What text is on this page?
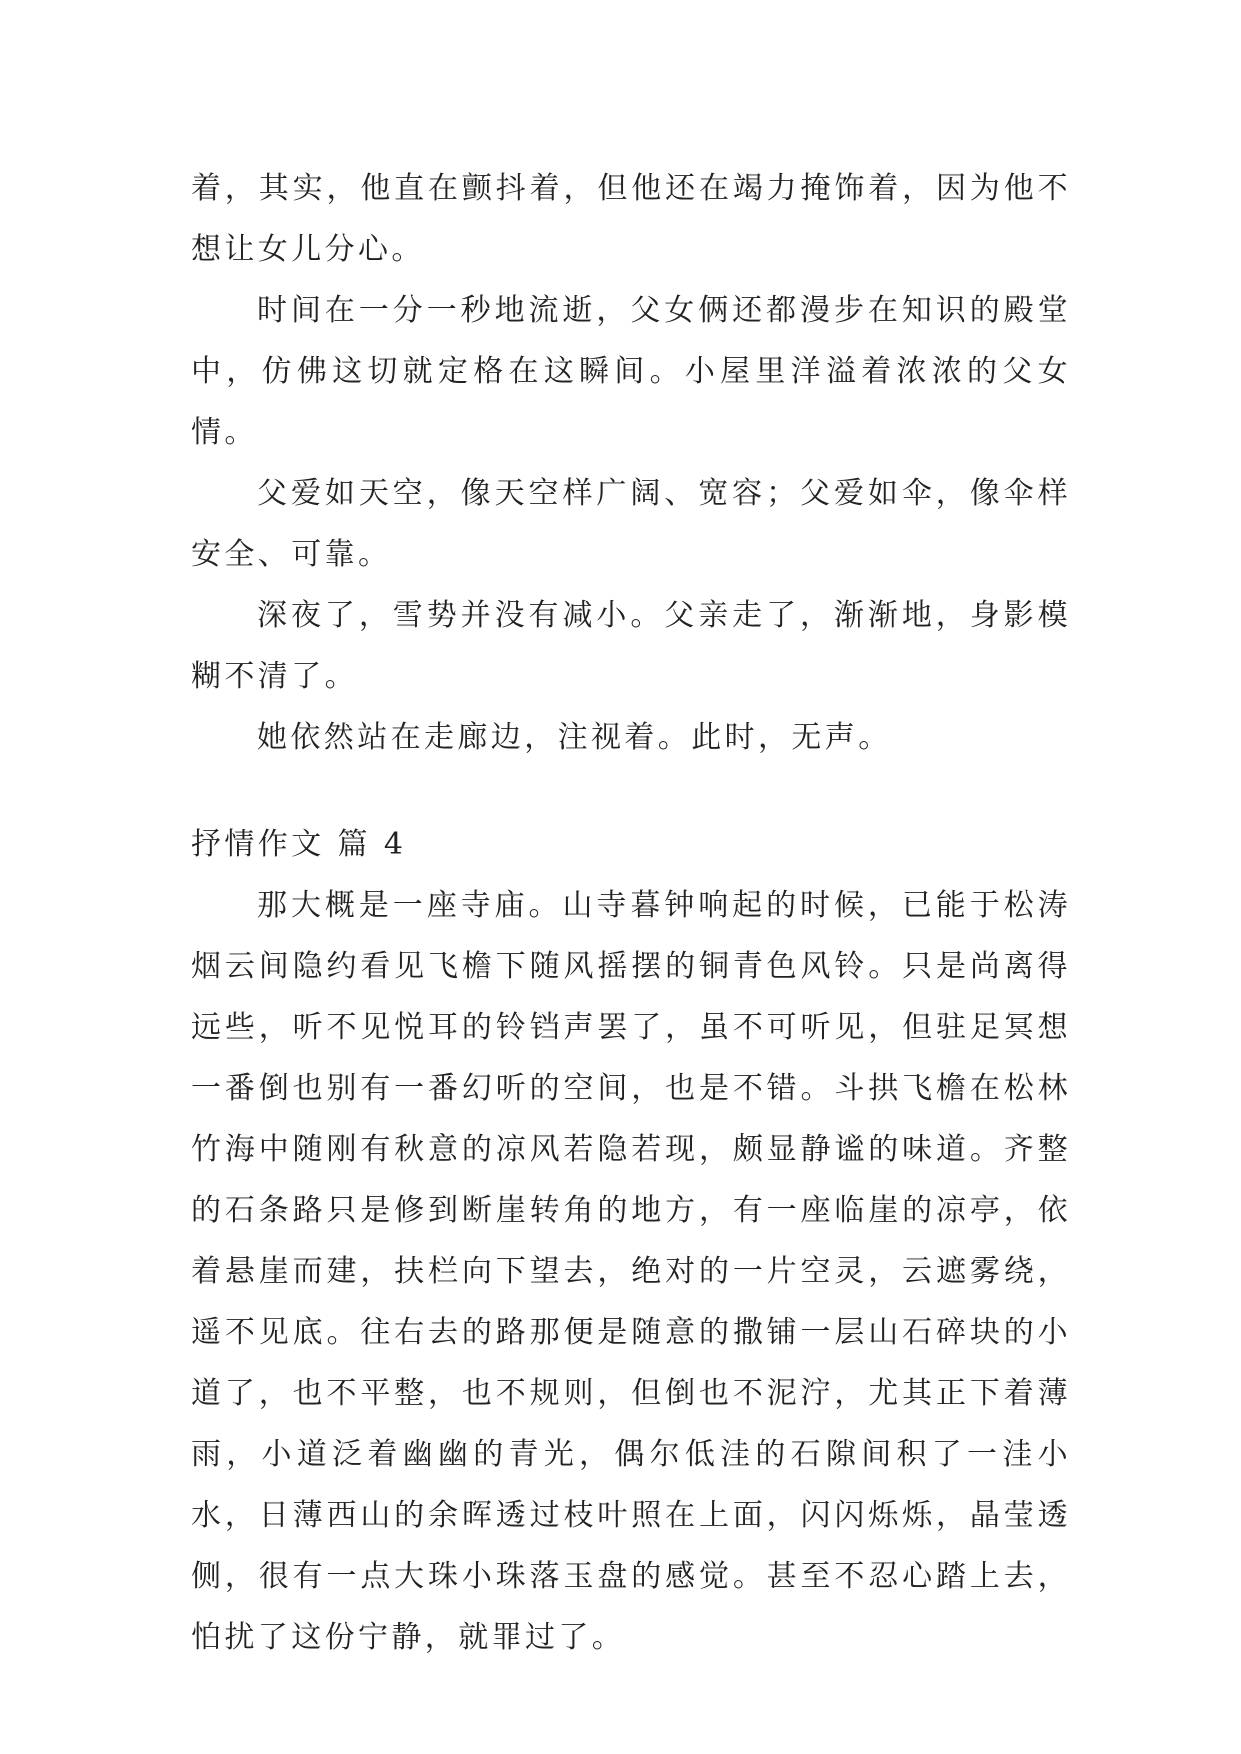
着，其实，他直在颤抖着，但他还在竭力掩饰着，因为他不想让女儿分心。

时间在一分一秒地流逝，父女俩还都漫步在知识的殿堂中，仿佛这切就定格在这瞬间。小屋里洋溢着浓浓的父女情。

父爱如天空，像天空样广阔、宽容；父爱如伞，像伞样安全、可靠。

深夜了，雪势并没有减小。父亲走了，渐渐地，身影模糊不清了。

她依然站在走廊边，注视着。此时，无声。

抒情作文 篇 4

那大概是一座寺庙。山寺暮钟响起的时候，已能于松涛烟云间隐约看见飞檐下随风摇摆的铜青色风铃。只是尚离得远些，听不见悦耳的铃铛声罢了，虽不可听见，但驻足冥想一番倒也别有一番幻听的空间，也是不错。斗拱飞檐在松林竹海中随刚有秋意的凉风若隐若现，颇显静谧的味道。齐整的石条路只是修到断崖转角的地方，有一座临崖的凉亭，依着悬崖而建，扶栏向下望去，绝对的一片空灵，云遮雾绕，遥不见底。往右去的路那便是随意的撒铺一层山石碎块的小道了，也不平整，也不规则，但倒也不泥泞，尤其正下着薄雨，小道泛着幽幽的青光，偶尔低洼的石隙间积了一洼小水，日薄西山的余晖透过枝叶照在上面，闪闪烁烁，晶莹透侧，很有一点大珠小珠落玉盘的感觉。甚至不忍心踏上去，怕扰了这份宁静，就罪过了。
